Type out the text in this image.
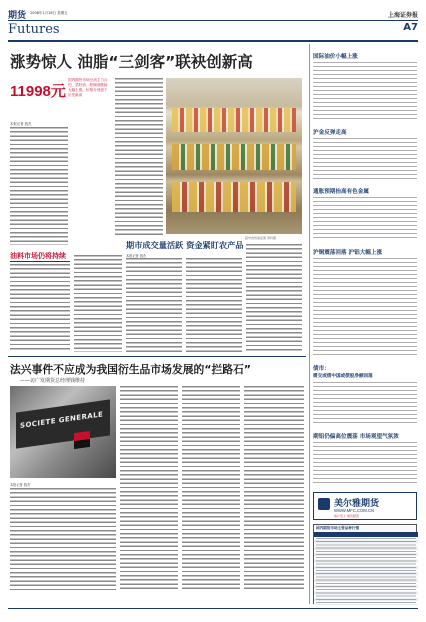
期货 2008年1月18日 星期五
Futures
上海证券报
A7
涨势惊人 油脂“三剑客”联袂创新高
11998元
国内期货市场豆油主力合约、菜籽油、棕榈油继续大幅上涨，价格分别创下历史新高
本报记者 钱杰
超市食用油货架 资料图
油料市场仍将持续
期市成交量活跃 资金紧盯农产品
本报记者 钱杰
法兴事件不应成为我国衍生品市场发展的“拦路石”
——访广发期货总经理钱维持
SOCIETE GENERALE
本报记者 钱杰
国际油价小幅上涨
沪金反弹走高
通胀预期抬高有色金属
沪铜震荡回落 沪铝大幅上涨
债市：
需交或债中国或债股净额回落
期铝仍偏高位震荡 市场观望气氛浓
美尔雅期货
WWW.MFC.COM.CN
客户至上 规范经营
国内期货市场主要品种行情
